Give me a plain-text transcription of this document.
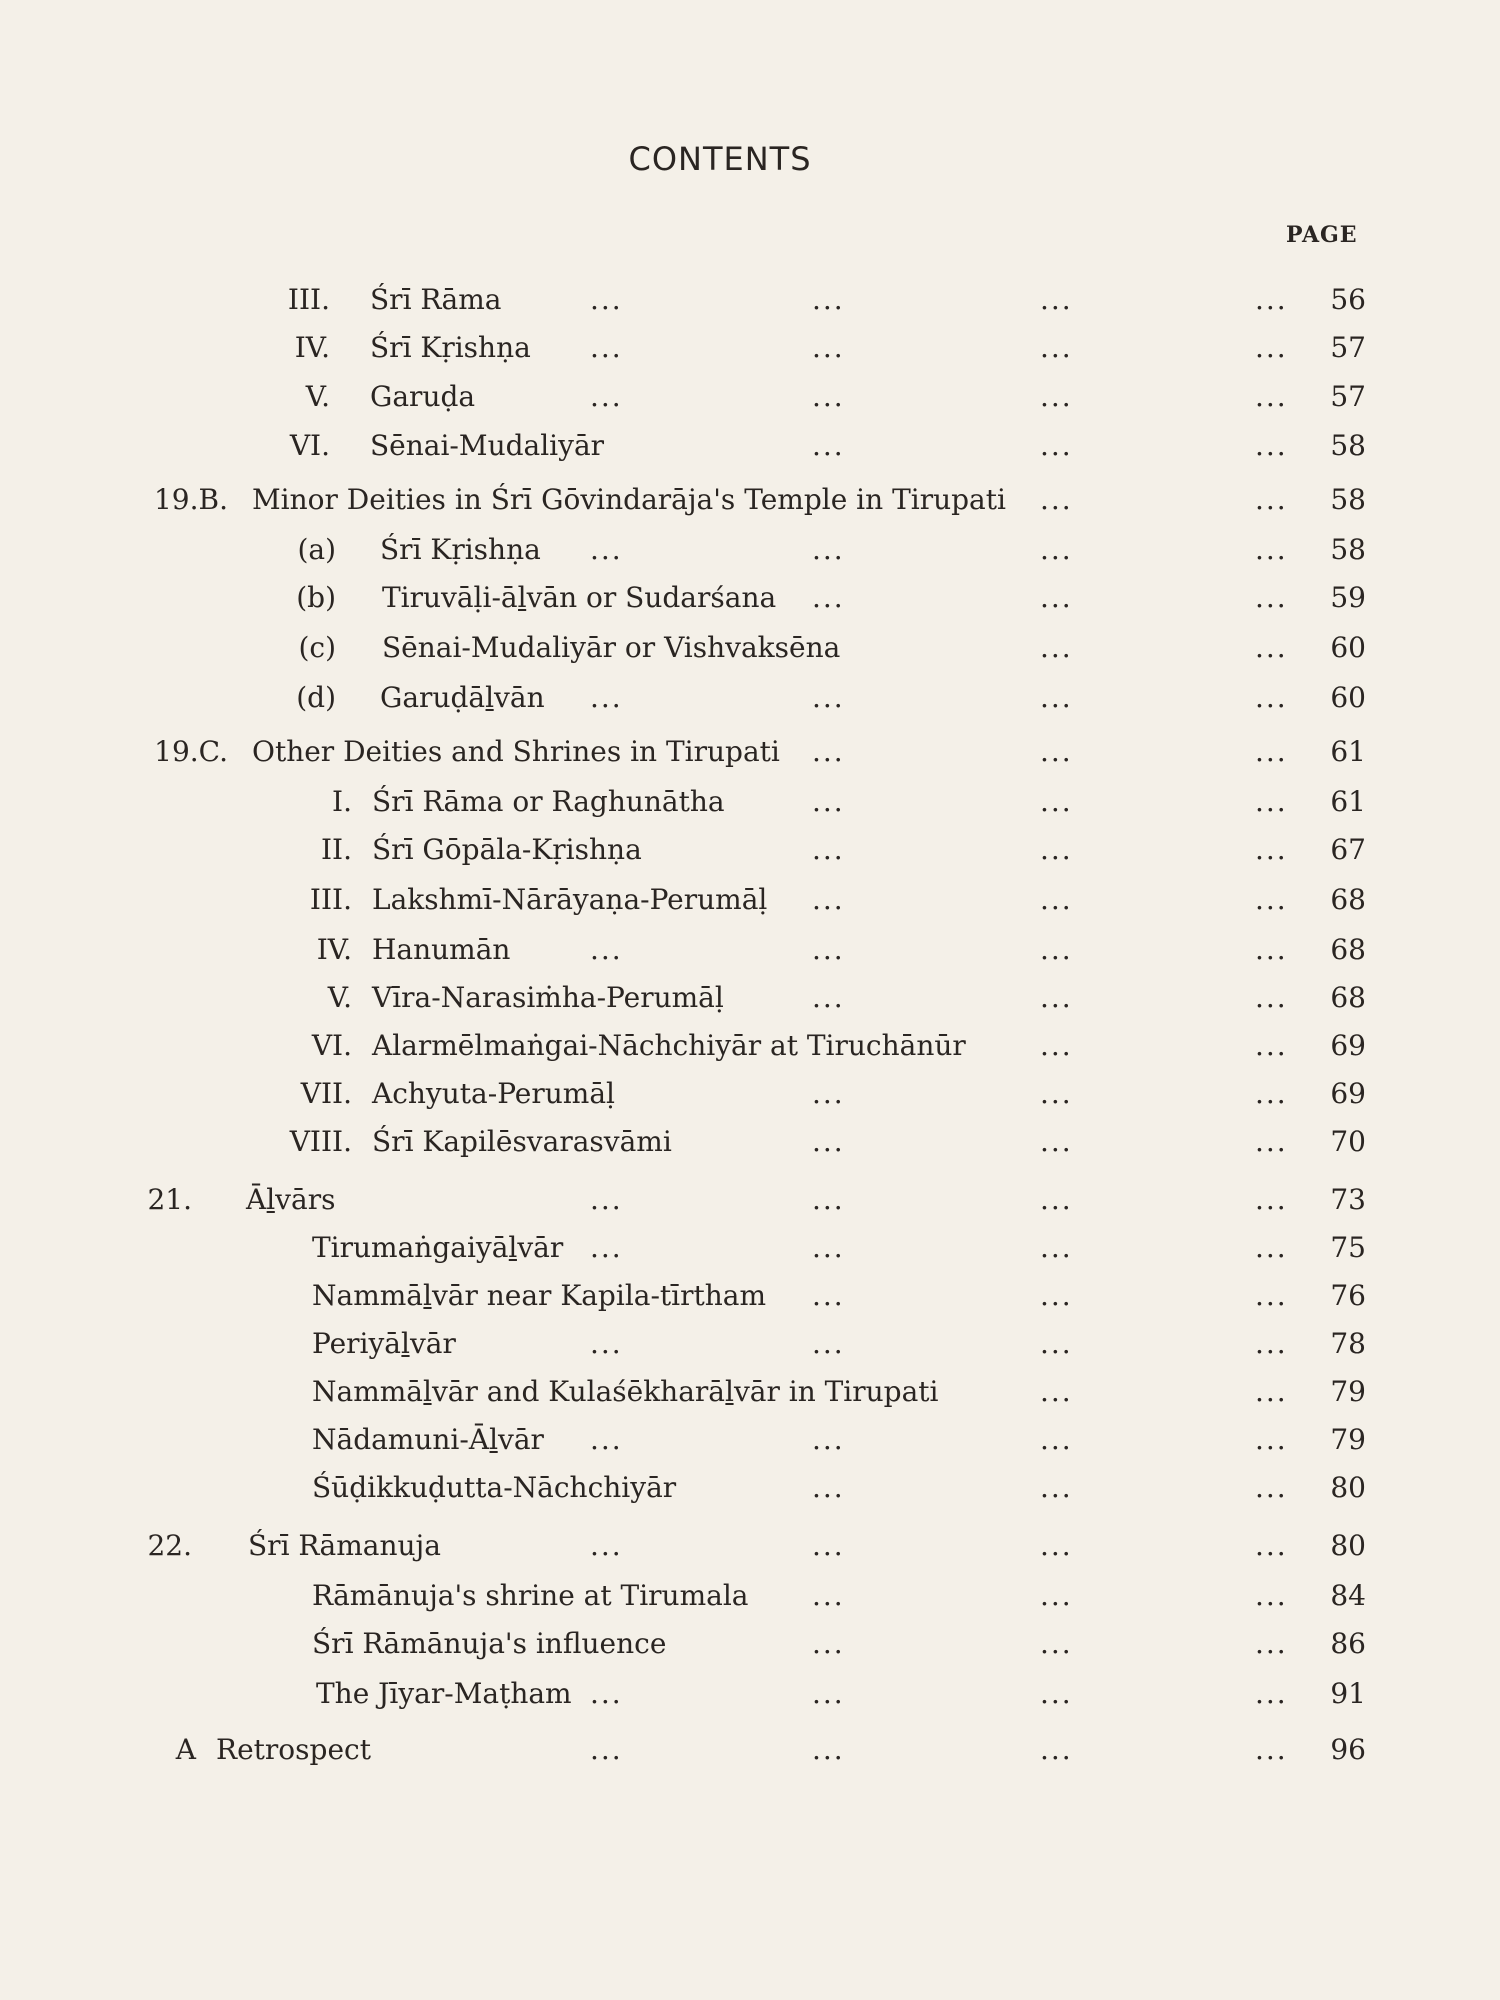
CONTENTS
PAGE
III. Śrī Rāma	...	...	...	...	56
IV. Śrī Kṛishṇa ...	...	...	...	57
V. Garuḍa	...	...	...	...	57
VI. Sēnai-Mudaliyār	...	...	...	58
19.B. Minor Deities in Śrī Gōvindarāja's Temple in Tirupati ...	...	58
(a) Śrī Kṛishṇa ...	...	...	...	58
(b) Tiruvāḷi-āḻvān or Sudarśana ...	...	...	59
(c) Sēnai-Mudaliyār or Vishvaksēna	...	...	60
(d) Garuḍāḻvān ...	...	...	...	60
19.C. Other Deities and Shrines in Tirupati ...	...	...	61
I. Śrī Rāma or Raghunātha	...	...	...	61
II. Śrī Gōpāla-Kṛishṇa	...	...	...	67
III. Lakshmī-Nārāyaṇa-Perumāḷ ...	...	...	68
IV. Hanumān	...	...	...	...	68
V. Vīra-Narasiṁha-Perumāḷ	...	...	...	68
VI. Alarmēlmaṅgai-Nāchchiyār at Tiruchānūr	...	...	69
VII. Achyuta-Perumāḷ	...	...	...	69
VIII. Śrī Kapilēsvarasvāmi	...	...	...	70
21. Āḻvārs	...	...	...	...	73
Tirumaṅgaiyāḻvār ...	...	...	...	75
Nammāḻvār near Kapila-tīrtham ...	...	...	76
Periyāḻvār	...	...	...	...	78
Nammāḻvār and Kulaśēkharāḻvār in Tirupati	...	...	79
Nādamuni-Āḻvār ...	...	...	...	79
Śūḍikkuḍutta-Nāchchiyār	...	...	...	80
22. Śrī Rāmanuja	...	...	...	...	80
Rāmānuja's shrine at Tirumala ...	...	...	84
Śrī Rāmānuja's influence	...	...	...	86
The Jīyar-Maṭham ...	...	...	...	91
A Retrospect	...	...	...	...	96
